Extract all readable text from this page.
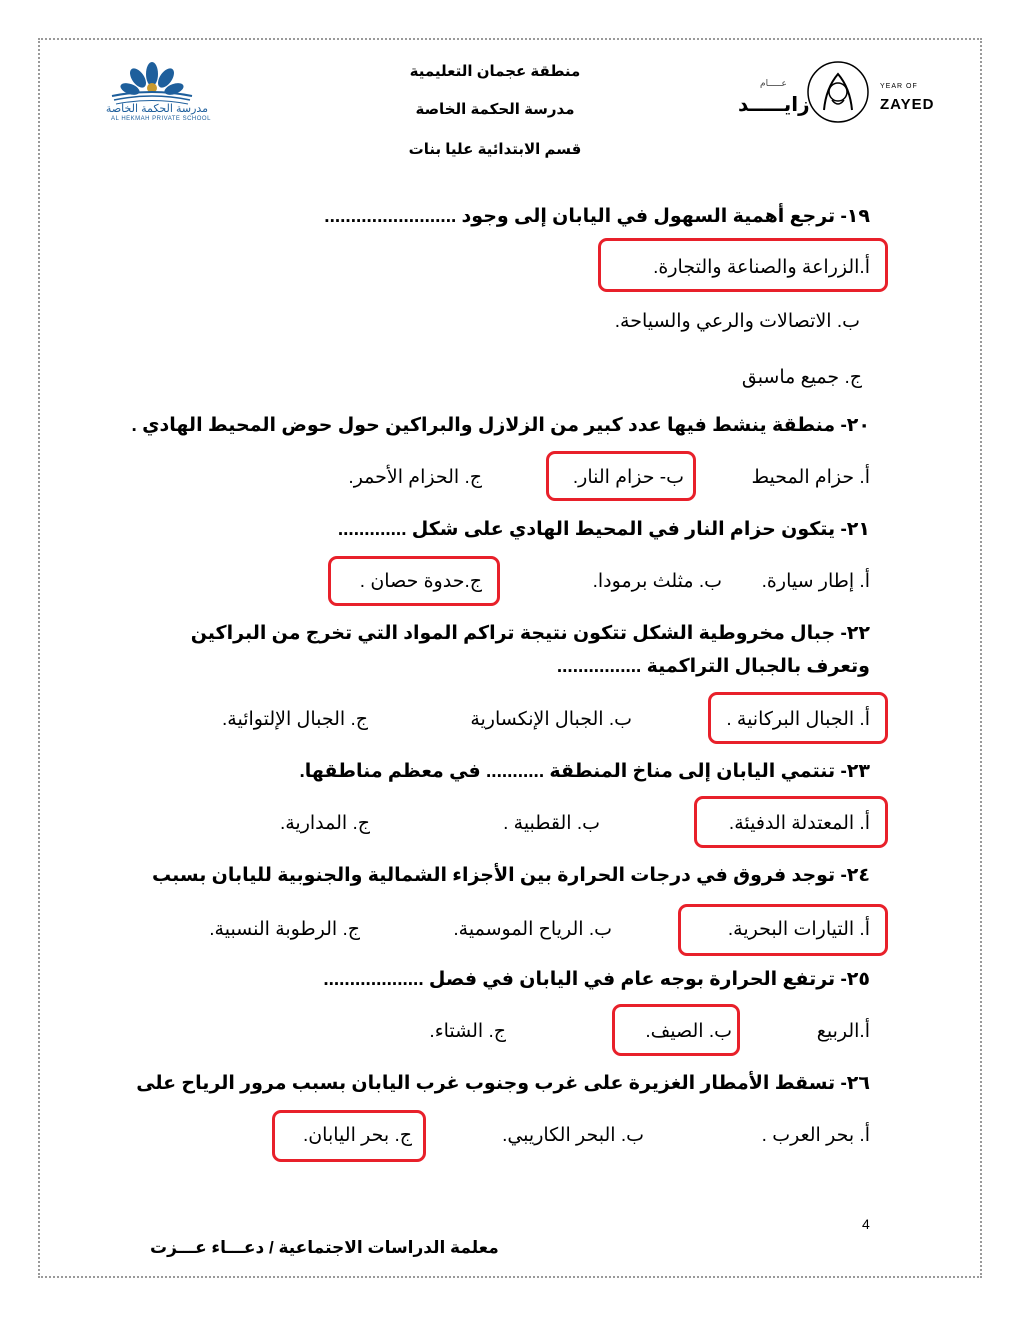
مدرسة الحكمة الخاصة
AL HEKMAH PRIVATE SCHOOL
منطقة عجمان التعليمية
مدرسة الحكمة الخاصة
قسم الابتدائية عليا بنات
عـــــام
زايـــــد
YEAR OF
ZAYED
١٩- ترجع أهمية السهول في اليابان إلى وجود .........................
أ.الزراعة والصناعة والتجارة.
ب. الاتصالات والرعي والسياحة.
ج. جميع ماسبق
٢٠- منطقة ينشط فيها عدد كبير من الزلازل والبراكين حول حوض المحيط الهادي .
أ. حزام المحيط
ب- حزام النار.
ج. الحزام الأحمر.
٢١- يتكون حزام النار في المحيط الهادي على شكل .............
أ. إطار سيارة.
ب. مثلث برمودا.
ج.حدوة حصان .
٢٢- جبال مخروطية الشكل تتكون نتيجة تراكم المواد التي تخرج من البراكين
وتعرف بالجبال التراكمية ................
أ. الجبال البركانية .
ب. الجبال الإنكسارية
ج. الجبال الإلتوائية.
٢٣- تنتمي اليابان إلى مناخ المنطقة ........... في معظم مناطقها.
أ. المعتدلة الدفيئة.
ب. القطبية .
ج. المدارية.
٢٤- توجد فروق في درجات الحرارة بين الأجزاء الشمالية والجنوبية لليابان بسبب
أ. التيارات البحرية.
ب. الرياح الموسمية.
ج. الرطوبة النسبية.
٢٥- ترتفع الحرارة بوجه عام في اليابان في فصل ...................
أ.الربيع
ب. الصيف.
ج. الشتاء.
٢٦- تسقط الأمطار الغزيرة على غرب وجنوب غرب اليابان بسبب مرور الرياح على
أ. بحر العرب .
ب. البحر الكاريبي.
ج. بحر اليابان.
4
معلمة الدراسات الاجتماعية / دعـــاء عـــزت
